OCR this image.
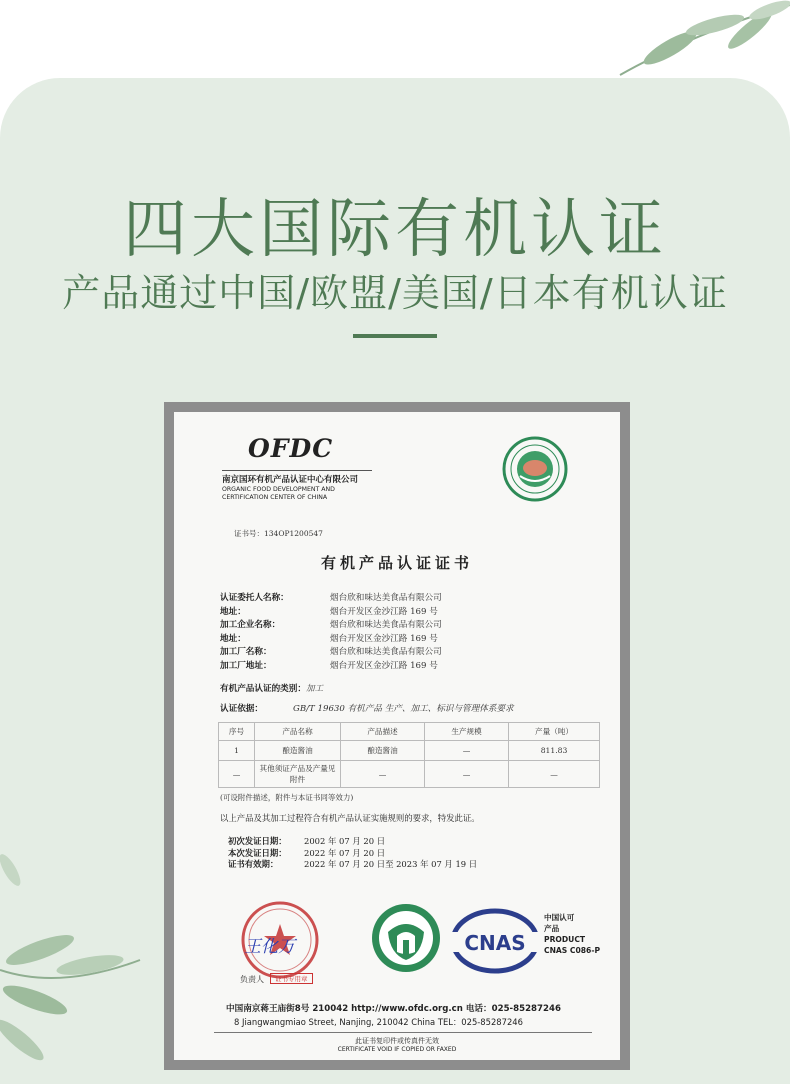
四大国际有机认证
产品通过中国/欧盟/美国/日本有机认证
OFDC
南京国环有机产品认证中心有限公司
ORGANIC FOOD DEVELOPMENT AND
CERTIFICATION CENTER OF CHINA
证书号：134OP1200547
有机产品认证证书
认证委托人名称：	烟台欣和味达美食品有限公司
地址：	烟台开发区金沙江路 169 号
加工企业名称：	烟台欣和味达美食品有限公司
地址：	烟台开发区金沙江路 169 号
加工厂名称：	烟台欣和味达美食品有限公司
加工厂地址：	烟台开发区金沙江路 169 号
有机产品认证的类别：加工
认证依据：	GB/T 19630 有机产品 生产、加工、标识与管理体系要求
序号	产品名称	产品描述	生产规模	产量（吨）
1	酿造酱油	酿造酱油	—	811.83
—	其他须证产品及产量见附件	—	—	—
(可设附件描述，附件与本证书同等效力)
以上产品及其加工过程符合有机产品认证实施规则的要求，特发此证。
初次发证日期：	2002 年 07 月 20 日
本次发证日期：	2022 年 07 月 20 日
证书有效期：	2022 年 07 月 20 日至 2023 年 07 月 19 日
王化万
负责人	证书专用章
CNAS
中国认可
产品
PRODUCT
CNAS C086-P
中国南京蒋王庙街8号 210042 http://www.ofdc.org.cn 电话：025-85287246
8 Jiangwangmiao Street, Nanjing, 210042 China TEL：025-85287246
此证书复印件或传真件无效
CERTIFICATE VOID IF COPIED OR FAXED
